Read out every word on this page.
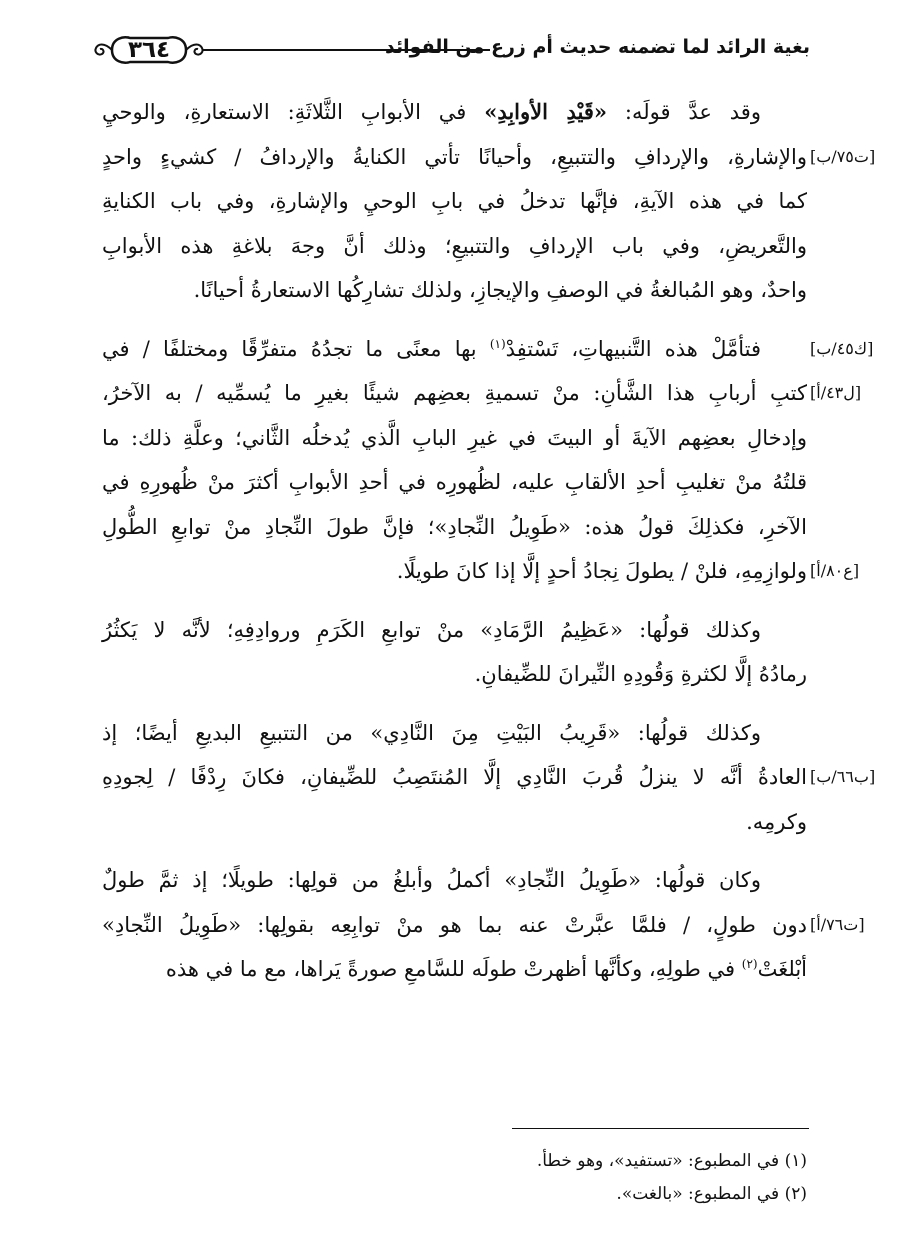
٣٦٤	بغية الرائد لما تضمنه حديث أم زرع من الفوائد
وقد عدَّ قولَه: «قَيْدِ الأوابِدِ» في الأبوابِ الثَّلاثَةِ: الاستعارةِ، والوحيِ
والإشارةِ، والإردافِ والتتبيعِ، وأحيانًا تأتي الكنايةُ والإردافُ / كشيءٍ واحدٍ [ت٧٥/ب]
كما في هذه الآيةِ، فإنَّها تدخلُ في بابِ الوحيِ والإشارةِ، وفي باب الكنايةِ
والتَّعريضِ، وفي باب الإردافِ والتتبيعِ؛ وذلك أنَّ وجهَ بلاغةِ هذه الأبوابِ
واحدٌ، وهو المُبالغةُ في الوصفِ والإيجازِ، ولذلك تشارِكُها الاستعارةُ أحيانًا.
فتأمَّلْ هذه التَّنبيهاتِ، تَسْتفِدْ$^{(١)}$ بها معنًى ما تجدُهُ متفرِّقًا ومختلفًا / في	[ك٤٥/ب]
كتبِ أربابِ هذا الشَّأنِ: منْ تسميةِ بعضِهم شيئًا بغيرِ ما يُسمِّيه / به الآخرُ، [ل٤٣/أ]
وإدخالِ بعضِهم الآيةَ أو البيتَ في غيرِ البابِ الَّذي يُدخلُه الثَّاني؛ وعلَّةِ ذلك: ما
قلتُهُ منْ تغليبِ أحدِ الألقابِ عليه، لظُهورِه في أحدِ الأبوابِ أكثرَ منْ ظُهورِهِ في
الآخرِ، فكذلِكَ قولُ هذه: «طَوِيلُ النِّجادِ»؛ فإنَّ طولَ النِّجادِ منْ توابعِ الطُّولِ
ولوازِمِهِ، فلنْ / يطولَ نِجادُ أحدٍ إلَّا إذا كانَ طويلًا. [ع٨٠/أ]
وكذلك قولُها: «عَظِيمُ الرَّمَادِ» منْ توابعِ الكَرَمِ وروادِفِهِ؛ لأنَّه لا يَكثُرُ
رمادُهُ إلَّا لكثرةِ وَقُودِهِ النِّيرانَ للضِّيفانِ.
وكذلك قولُها: «قَرِيبُ البَيْتِ مِنَ النَّادِي» من التتبيعِ البديعِ أيضًا؛ إذ
العادةُ أنَّه لا ينزلُ قُربَ النَّادِي إلَّا المُنتَصِبُ للضِّيفانِ، فكانَ رِدْفًا / لِجودِهِ [ب٦٦/ب]
وكرمِه.
وكان قولُها: «طَوِيلُ النِّجادِ» أكملُ وأبلغُ من قولِها: طويلًا؛ إذ ثمَّ طولٌ
دون طولٍ، / فلمَّا عبَّرتْ عنه بما هو منْ توابِعِه بقولِها: «طَوِيلُ النِّجادِ» [ت٧٦/أ]
أبْلغَتْ$^{(٢)}$ في طولِهِ، وكأنَّها أظهرتْ طولَه للسَّامعِ صورةً يَراها، مع ما في هذه
(١) في المطبوع: «تستفيد»، وهو خطأ.
(٢) في المطبوع: «بالغت».
